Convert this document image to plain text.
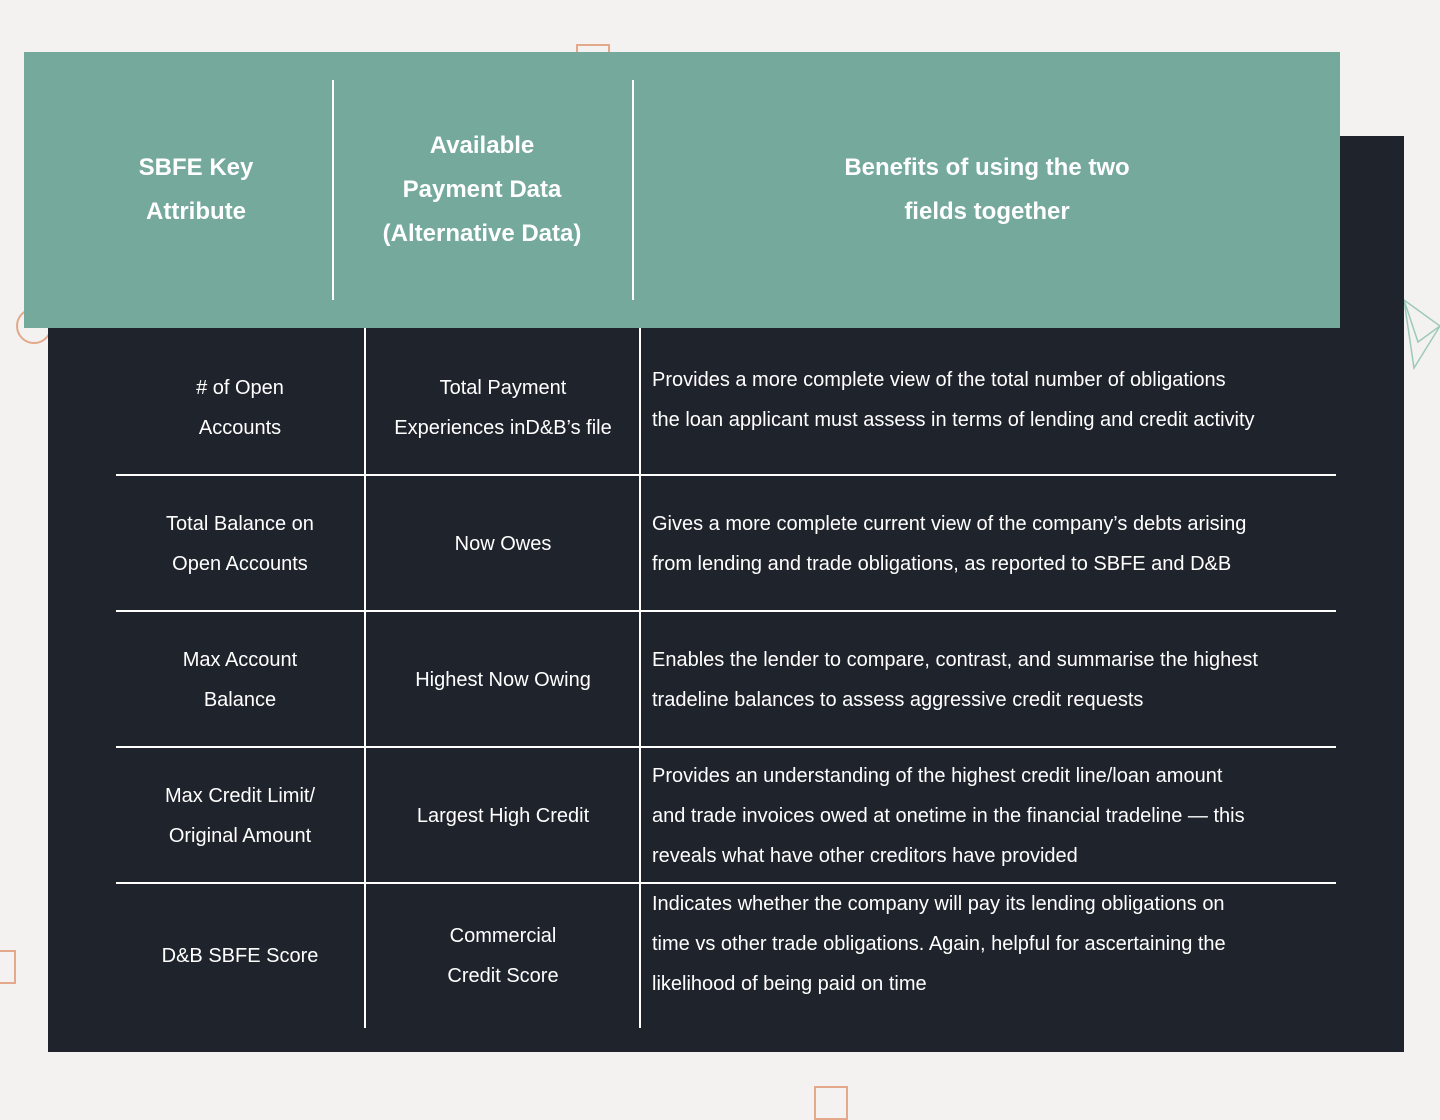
SBFE Key
Attribute
Available
Payment Data
(Alternative Data)
Benefits of using the two
fields together
# of Open
Accounts
Total Payment
Experiences inD&B’s file
Provides a more complete view of the total number of obligations
the loan applicant must assess in terms of lending and credit activity
Total Balance on
Open Accounts
Now Owes
Gives a more complete current view of the company’s debts arising
from lending and trade obligations, as reported to SBFE and D&B
Max Account
Balance
Highest Now Owing
Enables the lender to compare, contrast, and summarise the highest
tradeline balances to assess aggressive credit requests
Max Credit Limit/
Original Amount
Largest High Credit
Provides an understanding of the highest credit line/loan amount
and trade invoices owed at onetime in the financial tradeline — this
reveals what have other creditors have provided
D&B SBFE Score
Commercial
Credit Score
Indicates whether the company will pay its lending obligations on
time vs other trade obligations. Again, helpful for ascertaining the
likelihood of being paid on time
